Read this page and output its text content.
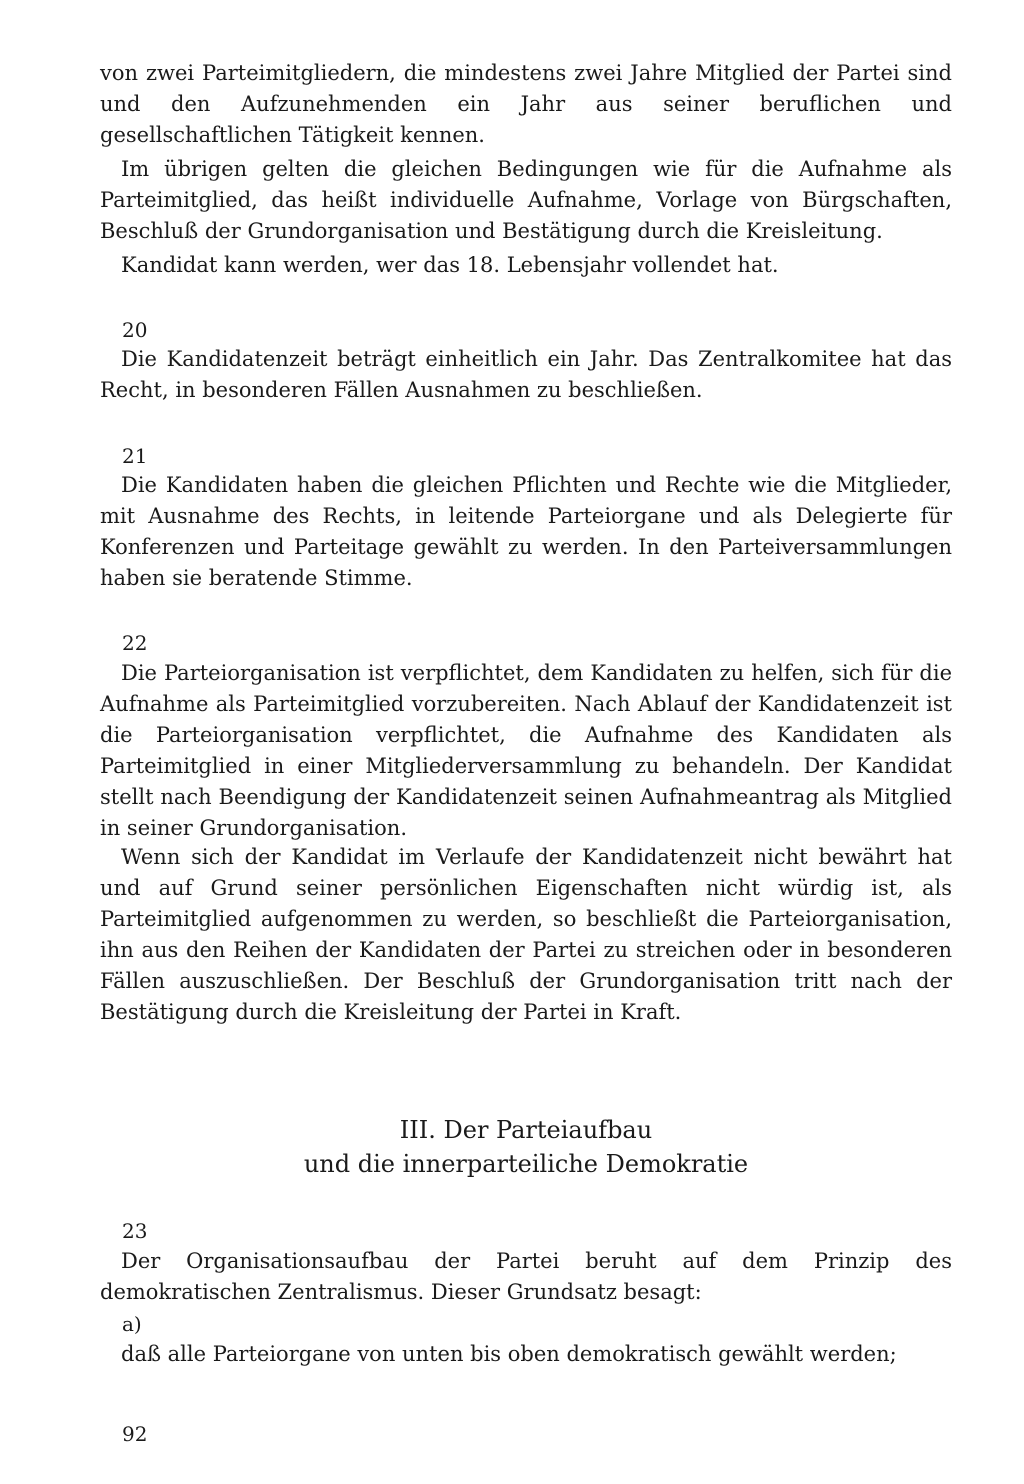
von zwei Parteimitgliedern, die mindestens zwei Jahre Mitglied der Partei sind und den Aufzunehmenden ein Jahr aus seiner beruflichen und gesellschaftlichen Tätigkeit kennen.

Im übrigen gelten die gleichen Bedingungen wie für die Aufnahme als Parteimitglied, das heißt individuelle Aufnahme, Vorlage von Bürgschaften, Beschluß der Grundorganisation und Bestätigung durch die Kreisleitung.

Kandidat kann werden, wer das 18. Lebensjahr vollendet hat.

20

Die Kandidatenzeit beträgt einheitlich ein Jahr. Das Zentralkomitee hat das Recht, in besonderen Fällen Ausnahmen zu beschließen.

21

Die Kandidaten haben die gleichen Pflichten und Rechte wie die Mitglieder, mit Ausnahme des Rechts, in leitende Parteiorgane und als Delegierte für Konferenzen und Parteitage gewählt zu werden. In den Parteiversammlungen haben sie beratende Stimme.

22

Die Parteiorganisation ist verpflichtet, dem Kandidaten zu helfen, sich für die Aufnahme als Parteimitglied vorzubereiten. Nach Ablauf der Kandidatenzeit ist die Parteiorganisation verpflichtet, die Aufnahme des Kandidaten als Parteimitglied in einer Mitgliederversammlung zu behandeln. Der Kandidat stellt nach Beendigung der Kandidatenzeit seinen Aufnahmeantrag als Mitglied in seiner Grundorganisation.

Wenn sich der Kandidat im Verlaufe der Kandidatenzeit nicht bewährt hat und auf Grund seiner persönlichen Eigenschaften nicht würdig ist, als Parteimitglied aufgenommen zu werden, so beschließt die Parteiorganisation, ihn aus den Reihen der Kandidaten der Partei zu streichen oder in besonderen Fällen auszuschließen. Der Beschluß der Grundorganisation tritt nach der Bestätigung durch die Kreisleitung der Partei in Kraft.

III. Der Parteiaufbau
und die innerparteiliche Demokratie
23

Der Organisationsaufbau der Partei beruht auf dem Prinzip des demokratischen Zentralismus. Dieser Grundsatz besagt:

a)

daß alle Parteiorgane von unten bis oben demokratisch gewählt werden;

92
